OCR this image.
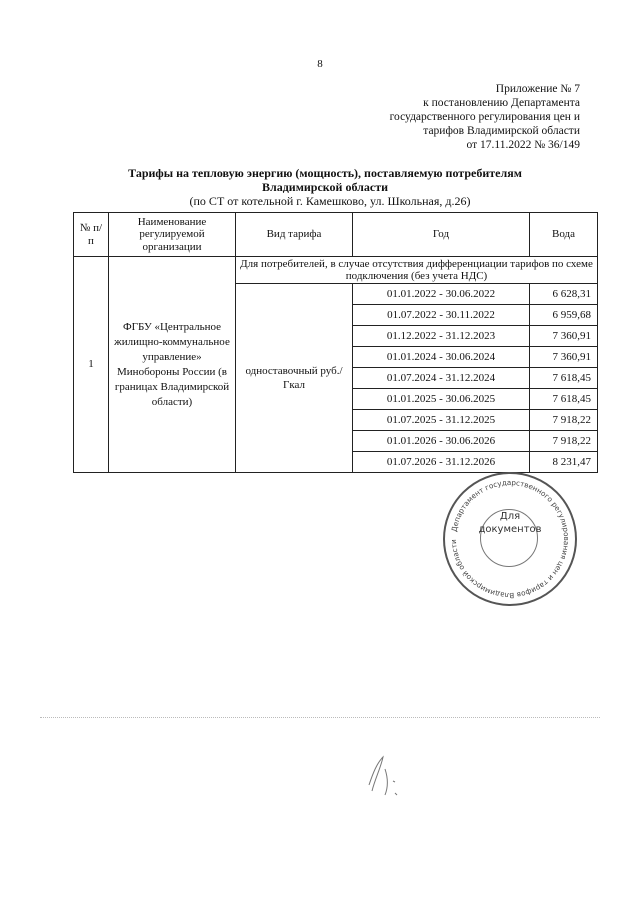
8
Приложение № 7
к постановлению Департамента
государственного регулирования цен и
тарифов Владимирской области
от 17.11.2022 № 36/149
Тарифы на тепловую энергию (мощность), поставляемую потребителям Владимирской области
(по СТ от котельной г. Камешково, ул. Школьная, д.26)
№ п/п	Наименование регулируемой организации	Вид тарифа	Год	Вода
1	ФГБУ «Центральное жилищно-коммунальное управление» Минобороны России (в границах Владимирской области)	Для потребителей, в случае отсутствия дифференциации тарифов по схеме подключения (без учета НДС)		
		одноставочный руб./Гкал	01.01.2022 - 30.06.2022	6 628,31
			01.07.2022 - 30.11.2022	6 959,68
			01.12.2022 - 31.12.2023	7 360,91
			01.01.2024 - 30.06.2024	7 360,91
			01.07.2024 - 31.12.2024	7 618,45
			01.01.2025 - 30.06.2025	7 618,45
			01.07.2025 - 31.12.2025	7 918,22
			01.01.2026 - 30.06.2026	7 918,22
			01.07.2026 - 31.12.2026	8 231,47
Департамент государственного регулирования цен и тарифов Владимирской области
Для
документов
